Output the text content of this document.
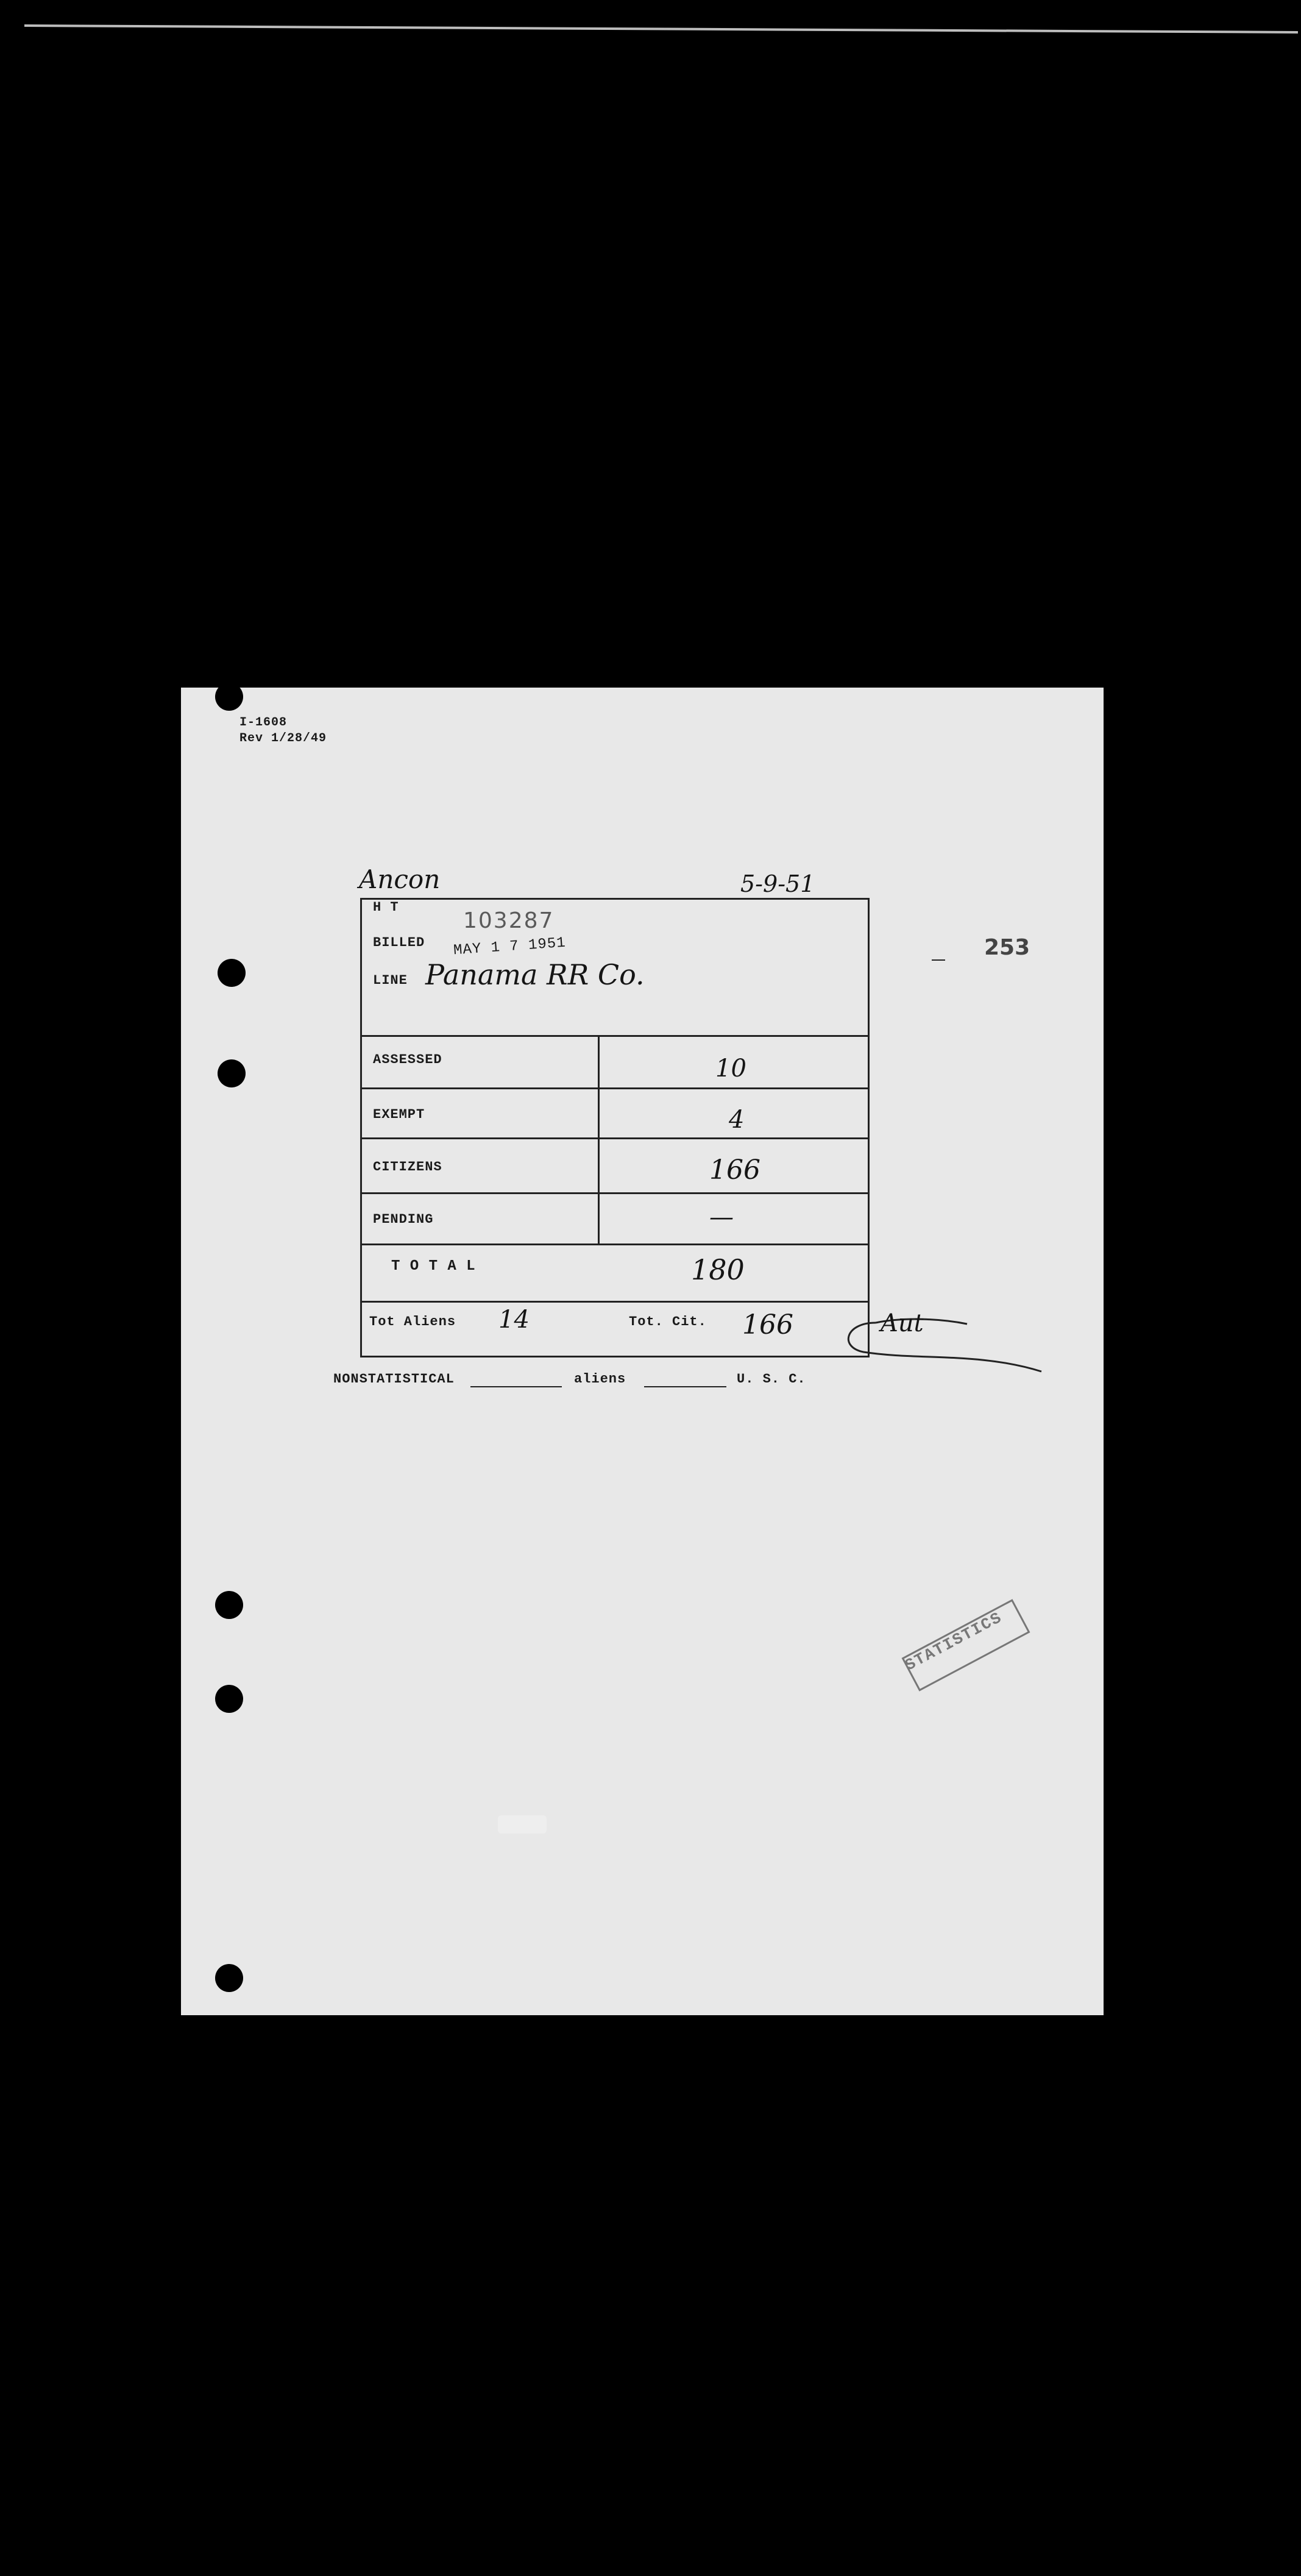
I-1608
Rev 1/28/49
Ancon	5-9-51
253
H T
103287
BILLED MAY 1 7 1951
LINE Panama RR Co.
ASSESSED	10
EXEMPT	4
CITIZENS	166
PENDING	—
T O T A L	180
Tot Aliens 14	Tot. Cit. 166	Aut
NONSTATISTICAL	aliens	U. S. C.
STATISTICS
